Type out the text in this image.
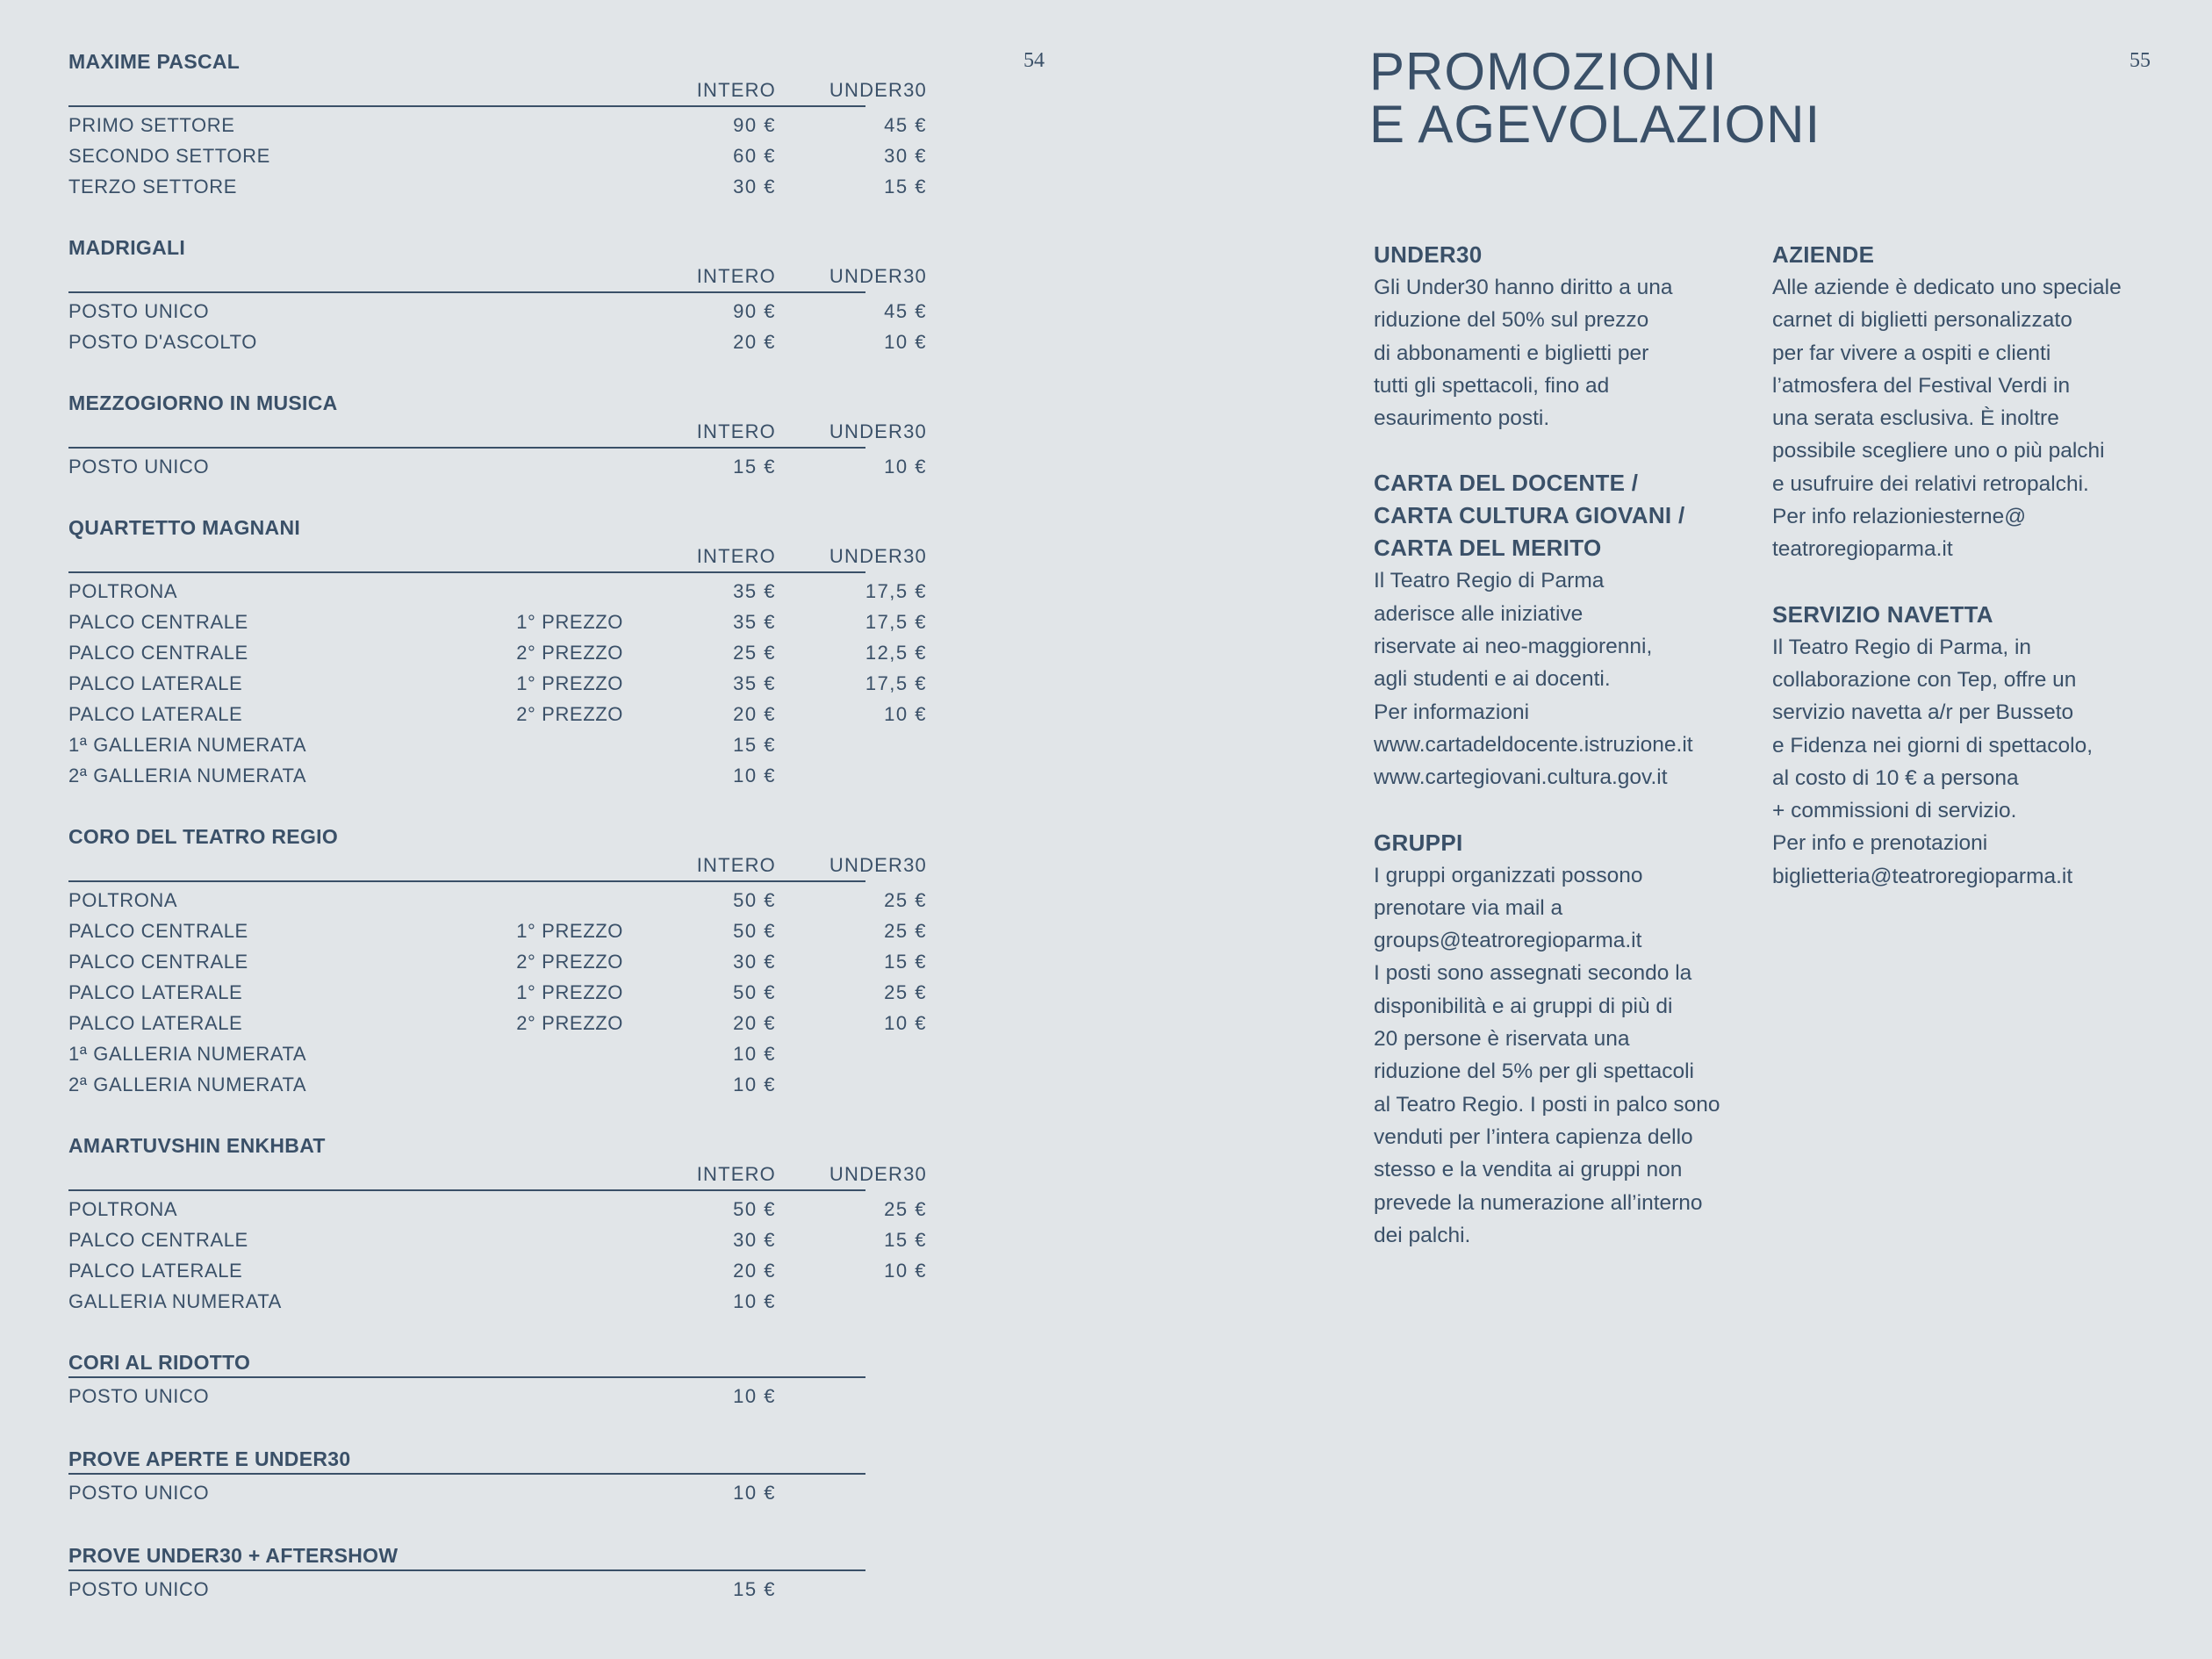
54	55
MAXIME PASCAL
INTERO	UNDER30
PRIMO SETTORE	90 €	45 €
SECONDO SETTORE	60 €	30 €
TERZO SETTORE	30 €	15 €
MADRIGALI
INTERO	UNDER30
POSTO UNICO	90 €	45 €
POSTO D'ASCOLTO	20 €	10 €
MEZZOGIORNO IN MUSICA
INTERO	UNDER30
POSTO UNICO	15 €	10 €
QUARTETTO MAGNANI
INTERO	UNDER30
POLTRONA	35 €	17,5 €
PALCO CENTRALE	1° PREZZO	35 €	17,5 €
PALCO CENTRALE	2° PREZZO	25 €	12,5 €
PALCO LATERALE	1° PREZZO	35 €	17,5 €
PALCO LATERALE	2° PREZZO	20 €	10 €
1ª GALLERIA NUMERATA	15 €
2ª GALLERIA NUMERATA	10 €
CORO DEL TEATRO REGIO
INTERO	UNDER30
POLTRONA	50 €	25 €
PALCO CENTRALE	1° PREZZO	50 €	25 €
PALCO CENTRALE	2° PREZZO	30 €	15 €
PALCO LATERALE	1° PREZZO	50 €	25 €
PALCO LATERALE	2° PREZZO	20 €	10 €
1ª GALLERIA NUMERATA	10 €
2ª GALLERIA NUMERATA	10 €
AMARTUVSHIN ENKHBAT
INTERO	UNDER30
POLTRONA	50 €	25 €
PALCO CENTRALE	30 €	15 €
PALCO LATERALE	20 €	10 €
GALLERIA NUMERATA	10 €
CORI AL RIDOTTO
POSTO UNICO	10 €
PROVE APERTE E UNDER30
POSTO UNICO	10 €
PROVE UNDER30 + AFTERSHOW
POSTO UNICO	15 €
PROMOZIONI
E AGEVOLAZIONI
UNDER30
Gli Under30 hanno diritto a una
riduzione del 50% sul prezzo
di abbonamenti e biglietti per
tutti gli spettacoli, fino ad
esaurimento posti.
CARTA DEL DOCENTE /
CARTA CULTURA GIOVANI /
CARTA DEL MERITO
Il Teatro Regio di Parma
aderisce alle iniziative
riservate ai neo-maggiorenni,
agli studenti e ai docenti.
Per informazioni
www.cartadeldocente.istruzione.it
www.cartegiovani.cultura.gov.it
GRUPPI
I gruppi organizzati possono
prenotare via mail a
groups@teatroregioparma.it
I posti sono assegnati secondo la
disponibilità e ai gruppi di più di
20 persone è riservata una
riduzione del 5% per gli spettacoli
al Teatro Regio. I posti in palco sono
venduti per l’intera capienza dello
stesso e la vendita ai gruppi non
prevede la numerazione all’interno
dei palchi.
AZIENDE
Alle aziende è dedicato uno speciale
carnet di biglietti personalizzato
per far vivere a ospiti e clienti
l’atmosfera del Festival Verdi in
una serata esclusiva. È inoltre
possibile scegliere uno o più palchi
e usufruire dei relativi retropalchi.
Per info relazioniesterne@
teatroregioparma.it
SERVIZIO NAVETTA
Il Teatro Regio di Parma, in
collaborazione con Tep, offre un
servizio navetta a/r per Busseto
e Fidenza nei giorni di spettacolo,
al costo di 10 € a persona
+ commissioni di servizio.
Per info e prenotazioni
biglietteria@teatroregioparma.it
